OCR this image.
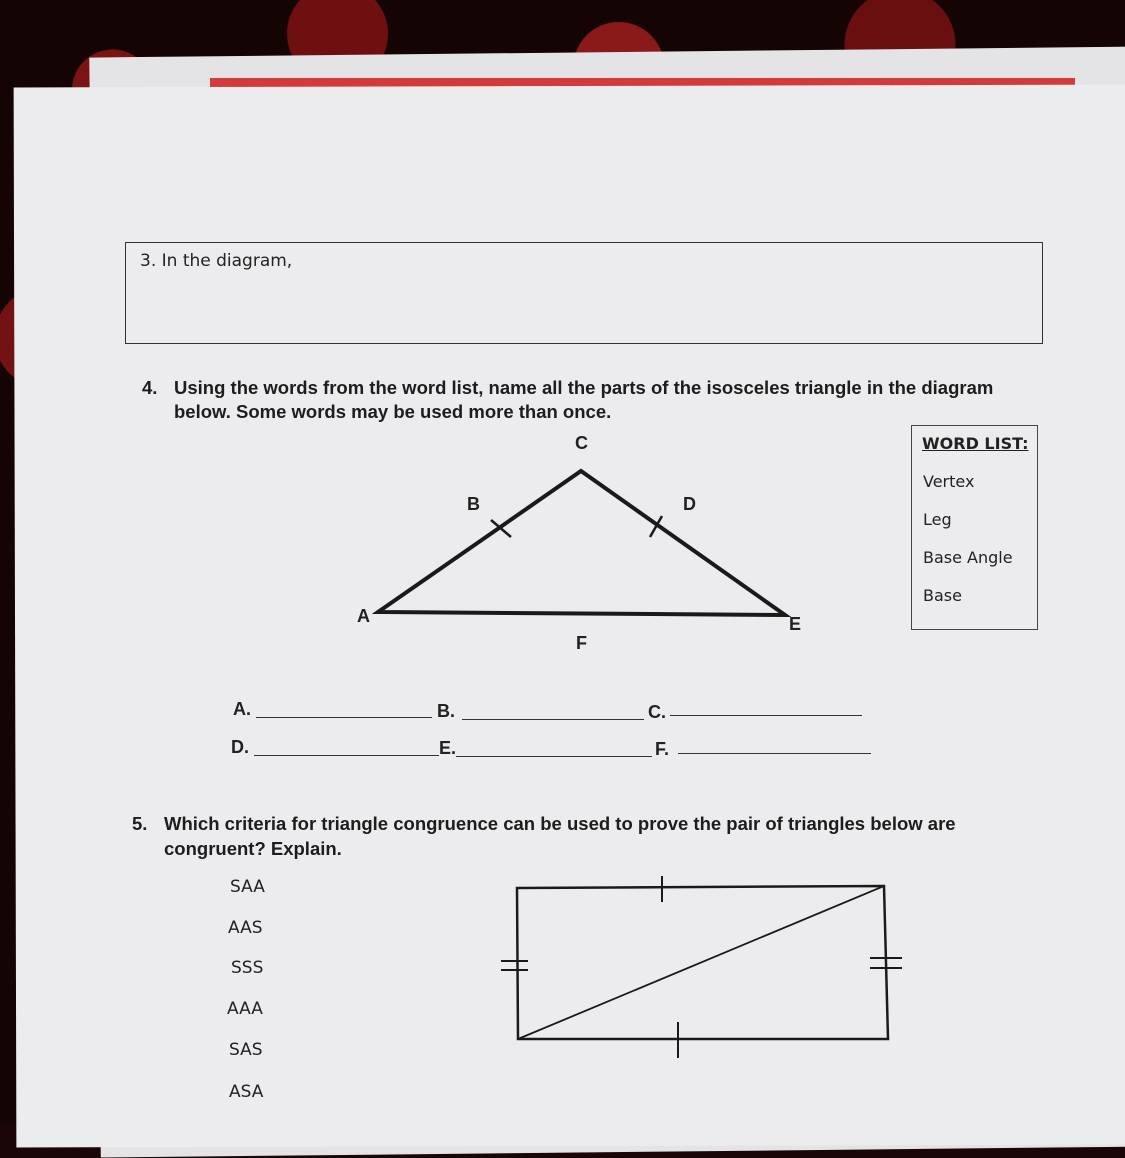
3. In the diagram,
4. Using the words from the word list, name all the parts of the isosceles triangle in the diagram
below. Some words may be used more than once.
C
B	D
A	E
F
WORD LIST:
Vertex
Leg
Base Angle
Base
A.	B.	C.
D.	E.	F.
5. Which criteria for triangle congruence can be used to prove the pair of triangles below are
congruent? Explain.
SAA
AAS
SSS
AAA
SAS
ASA
